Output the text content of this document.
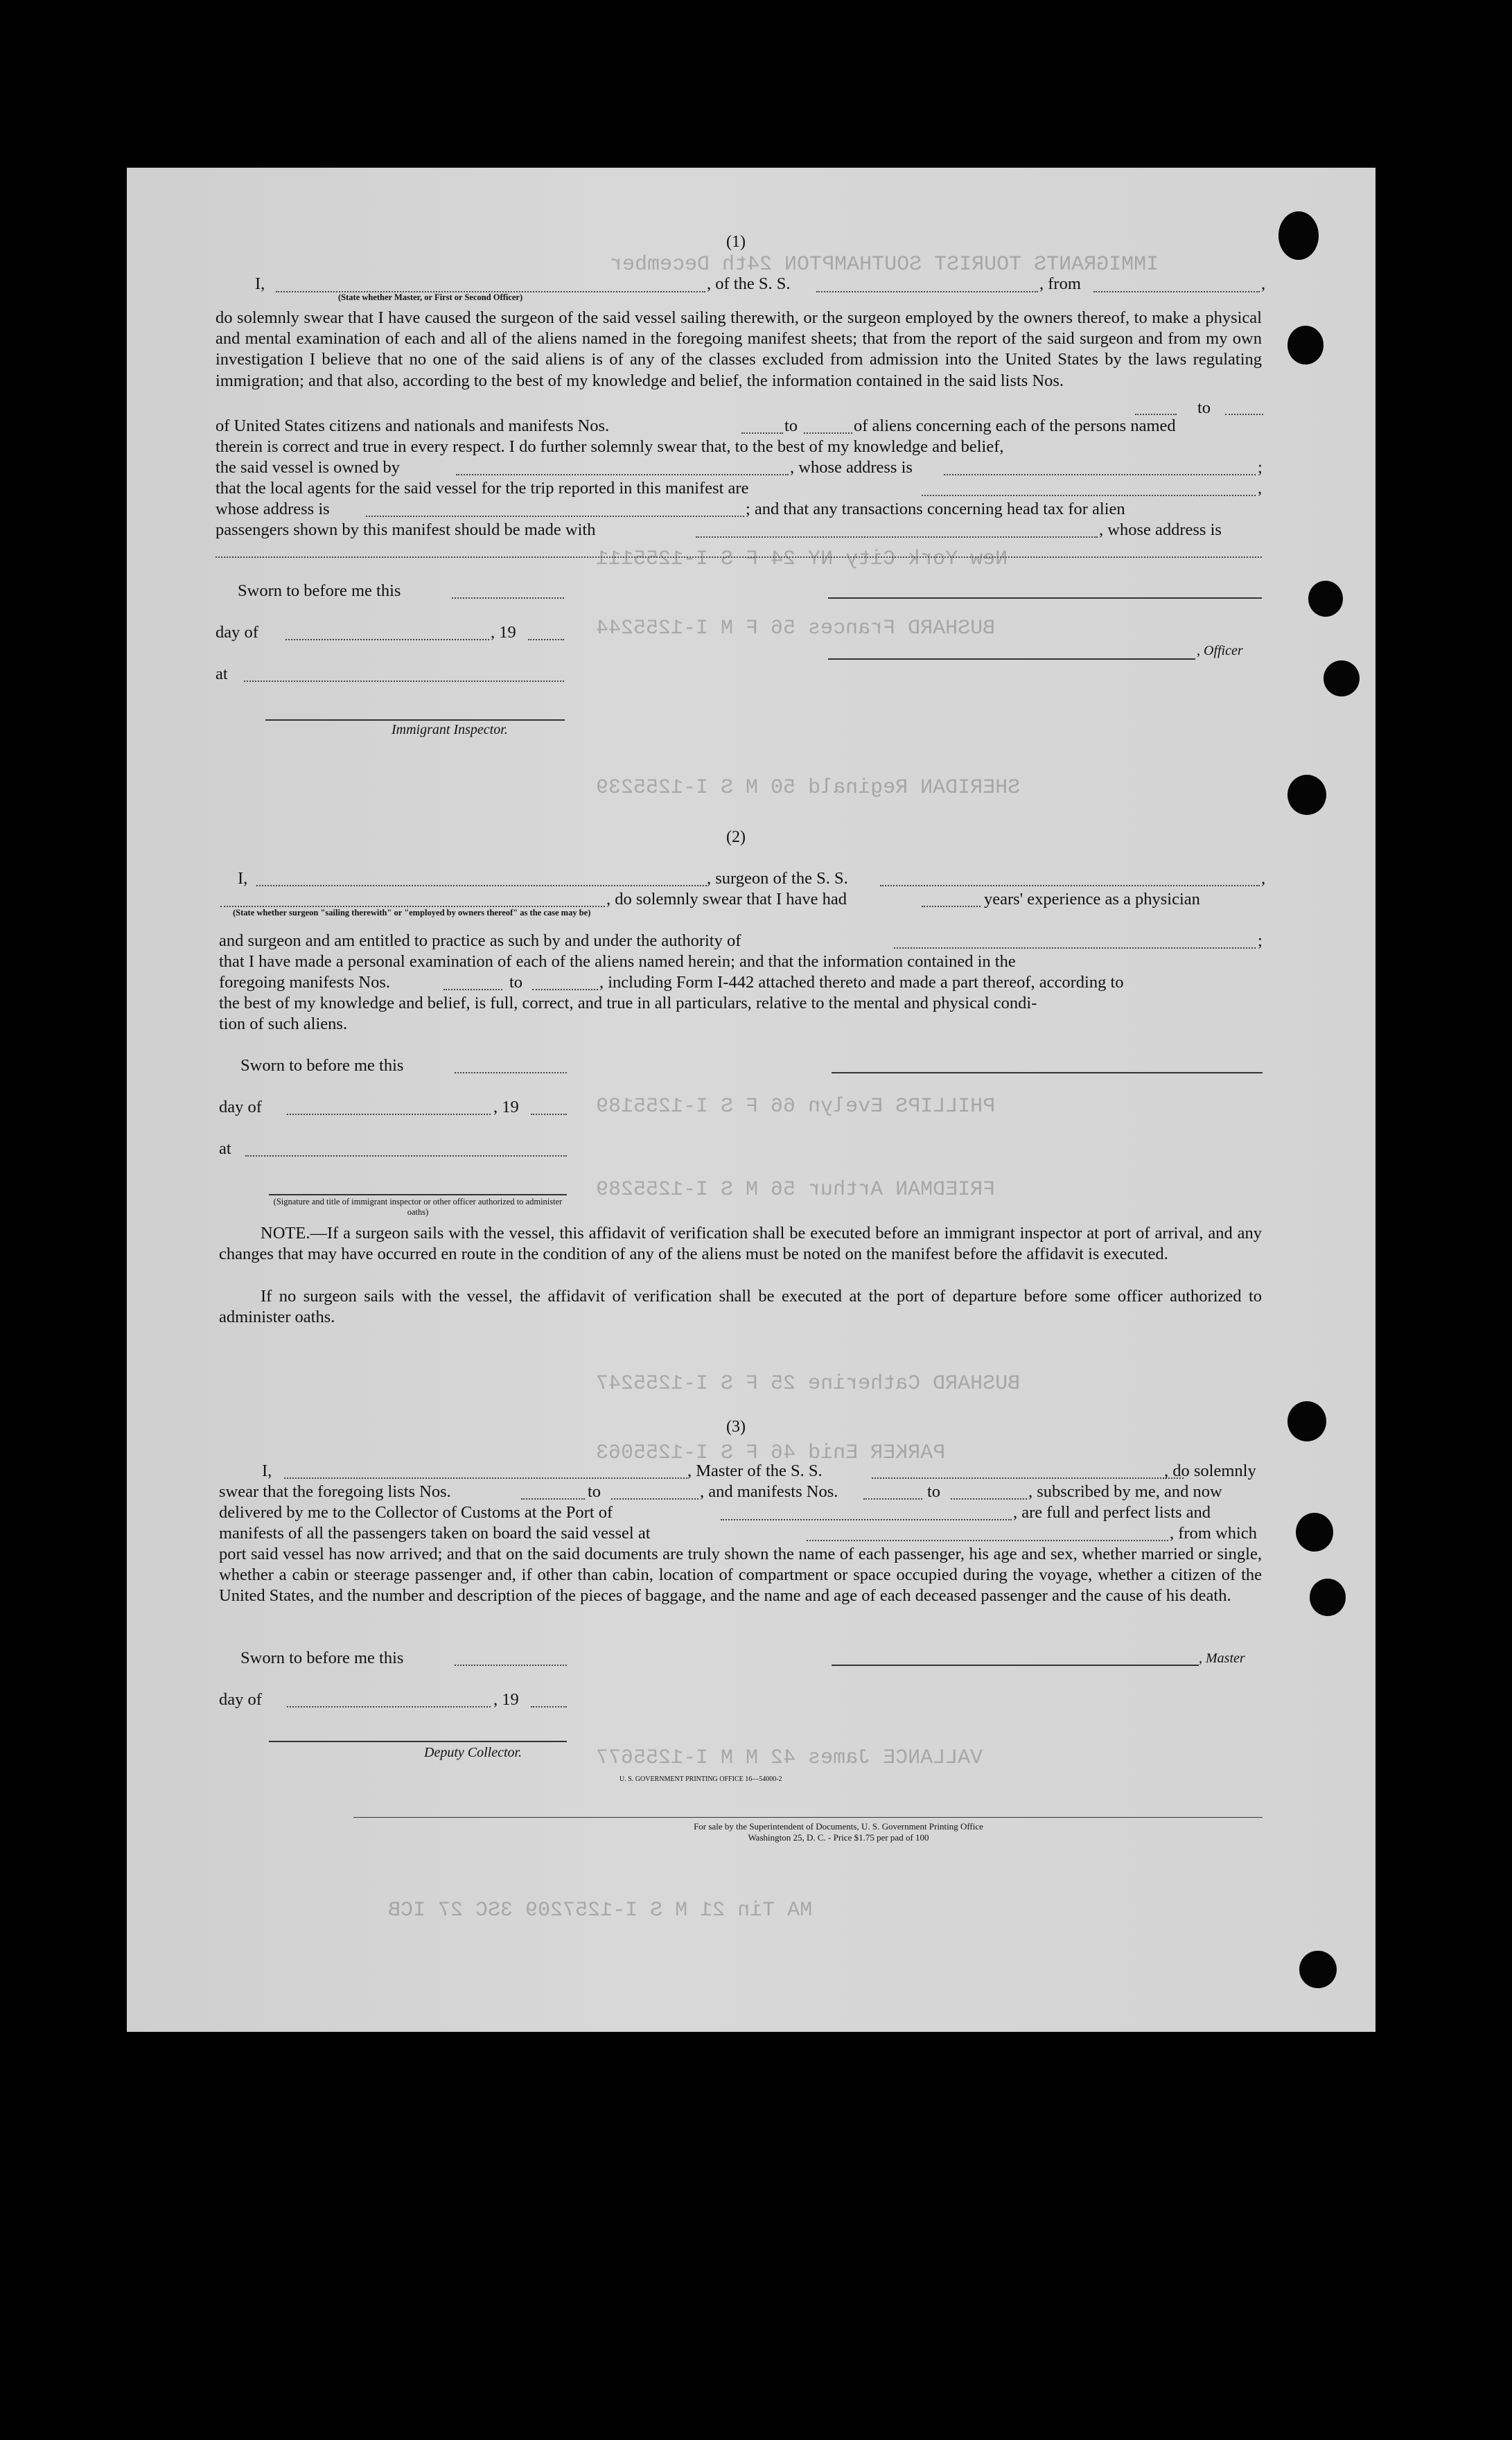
IMMIGRANTS TOURIST SOUTHAMPTON 24th December
New York City NY 24 F S I-1255111
BUSHARD Frances 56 F M I-1255244
SHERIDAN Reginald 50 M S I-1255239
PHILLIPS Evelyn 66 F S I-1255189
FRIEDMAN Arthur 56 M S I-1255289
BUSHARD Catherine 25 F S I-1255247
PARKER Enid 46 F S I-1255063
VALLANCE James 42 M M I-1255677
MA Tin 21 M S I-1257209 3SC 27 ICB
(1)
I,
(State whether Master, or First or Second Officer)
, of the S. S.	, from	,
do solemnly swear that I have caused the surgeon of the said vessel sailing therewith, or the surgeon employed by the owners thereof, to make a physical and mental examination of each and all of the aliens named in the foregoing manifest sheets; that from the report of the said surgeon and from my own investigation I believe that no one of the said aliens is of any of the classes excluded from admission into the United States by the laws regulating immigration; and that also, according to the best of my knowledge and belief, the information contained in the said lists Nos.
to
of United States citizens and nationals and manifests Nos.	to	of aliens concerning each of the persons named
therein is correct and true in every respect. I do further solemnly swear that, to the best of my knowledge and belief,
the said vessel is owned by	, whose address is	;
that the local agents for the said vessel for the trip reported in this manifest are	,
whose address is	; and that any transactions concerning head tax for alien
passengers shown by this manifest should be made with	, whose address is
Sworn to before me this
day of	, 19
, Officer
at
Immigrant Inspector.
(2)
I,	, surgeon of the S. S.	,
, do solemnly swear that I have had	years' experience as a physician
(State whether surgeon "sailing therewith" or "employed by owners thereof" as the case may be)
and surgeon and am entitled to practice as such by and under the authority of	;
that I have made a personal examination of each of the aliens named herein; and that the information contained in the
foregoing manifests Nos.	to	, including Form I-442 attached thereto and made a part thereof, according to
the best of my knowledge and belief, is full, correct, and true in all particulars, relative to the mental and physical condi-
tion of such aliens.
Sworn to before me this
day of	, 19
at
(Signature and title of immigrant inspector or other officer authorized to administer oaths)
NOTE.—If a surgeon sails with the vessel, this affidavit of verification shall be executed before an immigrant inspector at port of arrival, and any changes that may have occurred en route in the condition of any of the aliens must be noted on the manifest before the affidavit is executed.
If no surgeon sails with the vessel, the affidavit of verification shall be executed at the port of departure before some officer authorized to administer oaths.
(3)
I,	, Master of the S. S.	, do solemnly
swear that the foregoing lists Nos.	to	, and manifests Nos.	to	, subscribed by me, and now
delivered by me to the Collector of Customs at the Port of	, are full and perfect lists and
manifests of all the passengers taken on board the said vessel at	, from which
port said vessel has now arrived; and that on the said documents are truly shown the name of each passenger, his age and sex, whether married or single, whether a cabin or steerage passenger and, if other than cabin, location of compartment or space occupied during the voyage, whether a citizen of the United States, and the number and description of the pieces of baggage, and the name and age of each deceased passenger and the cause of his death.
Sworn to before me this	, Master
day of	, 19
Deputy Collector.
U. S. GOVERNMENT PRINTING OFFICE 16—54000-2
For sale by the Superintendent of Documents, U. S. Government Printing Office
Washington 25, D. C. - Price $1.75 per pad of 100
